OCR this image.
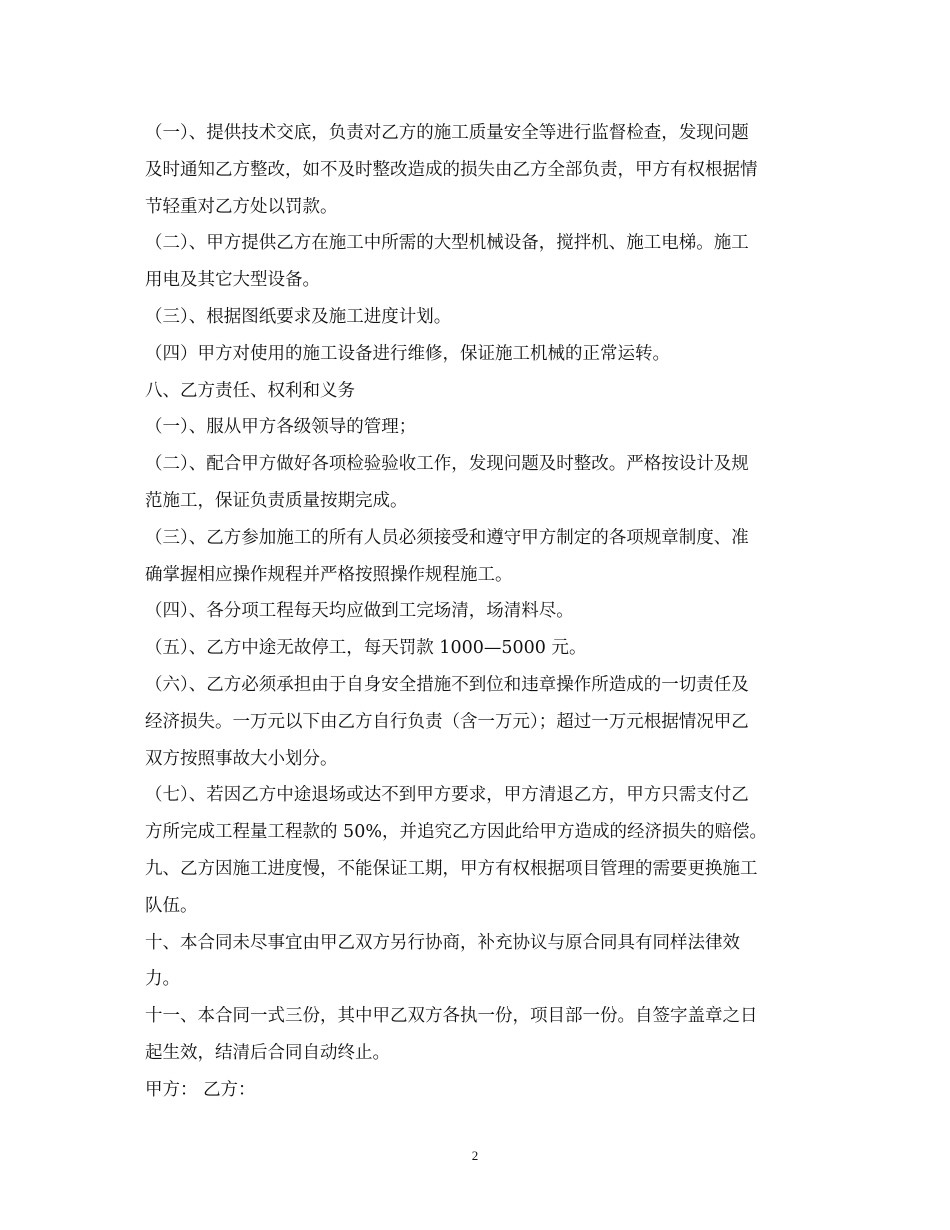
（一）、提供技术交底，负责对乙方的施工质量安全等进行监督检查，发现问题
及时通知乙方整改，如不及时整改造成的损失由乙方全部负责，甲方有权根据情
节轻重对乙方处以罚款。
（二）、甲方提供乙方在施工中所需的大型机械设备，搅拌机、施工电梯。施工
用电及其它大型设备。
（三）、根据图纸要求及施工进度计划。
（四）甲方对使用的施工设备进行维修，保证施工机械的正常运转。
八、乙方责任、权利和义务
（一）、服从甲方各级领导的管理；
（二）、配合甲方做好各项检验验收工作，发现问题及时整改。严格按设计及规
范施工，保证负责质量按期完成。
（三）、乙方参加施工的所有人员必须接受和遵守甲方制定的各项规章制度、准
确掌握相应操作规程并严格按照操作规程施工。
（四）、各分项工程每天均应做到工完场清，场清料尽。
（五）、乙方中途无故停工，每天罚款 1000—5000 元。
（六）、乙方必须承担由于自身安全措施不到位和违章操作所造成的一切责任及
经济损失。一万元以下由乙方自行负责（含一万元）；超过一万元根据情况甲乙
双方按照事故大小划分。
（七）、若因乙方中途退场或达不到甲方要求，甲方清退乙方，甲方只需支付乙
方所完成工程量工程款的 50%，并追究乙方因此给甲方造成的经济损失的赔偿。
九、乙方因施工进度慢，不能保证工期，甲方有权根据项目管理的需要更换施工
队伍。
十、本合同未尽事宜由甲乙双方另行协商，补充协议与原合同具有同样法律效
力。
十一、本合同一式三份，其中甲乙双方各执一份，项目部一份。自签字盖章之日
起生效，结清后合同自动终止。
甲方： 乙方：
2
